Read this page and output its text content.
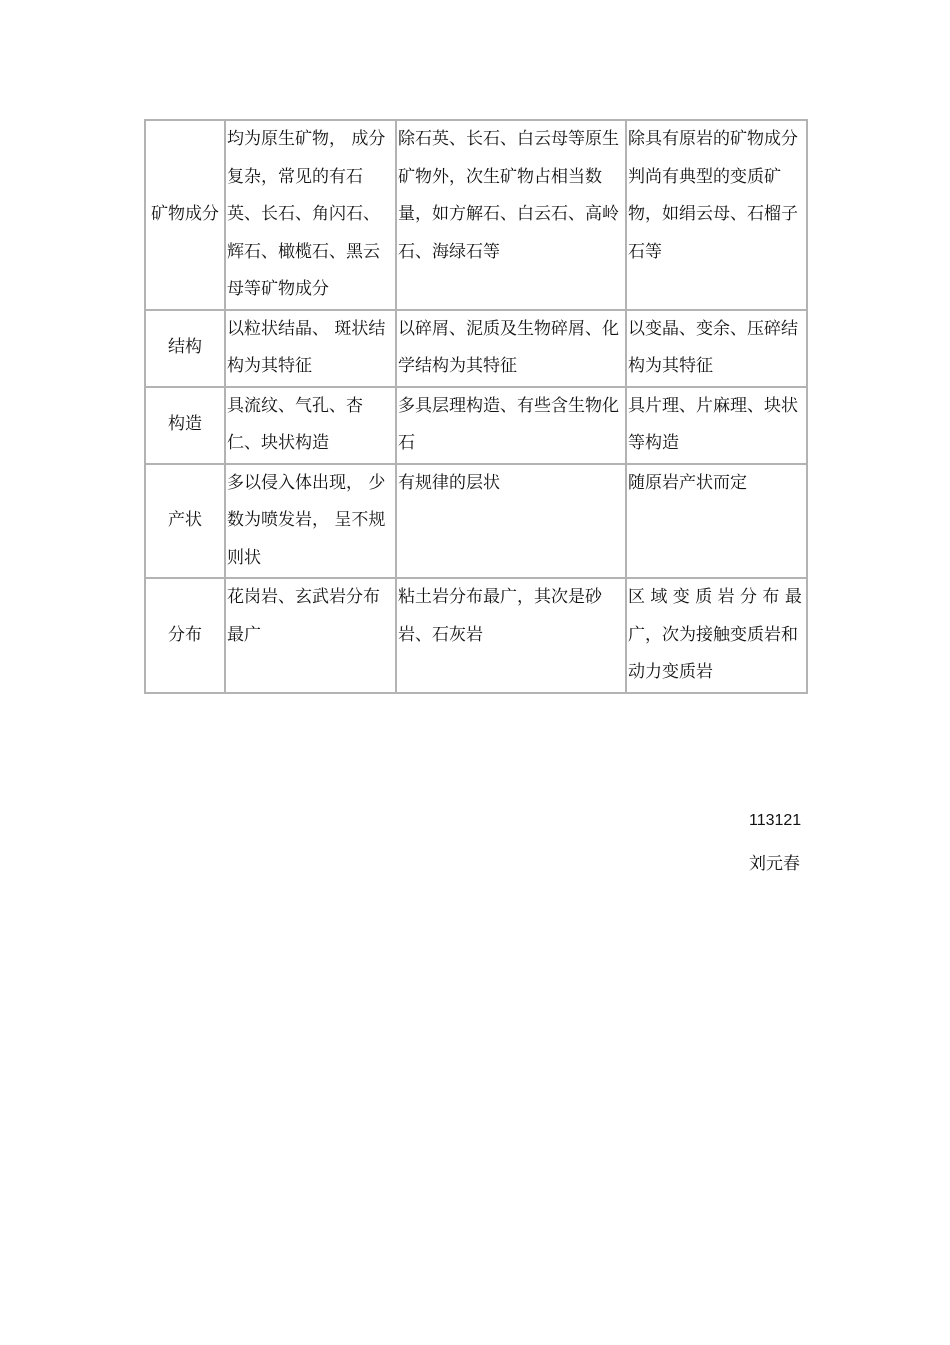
矿物成分	均为原生矿物， 成分复杂，常见的有石英、长石、角闪石、辉石、橄榄石、黑云母等矿物成分	除石英、长石、白云母等原生矿物外，次生矿物占相当数量，如方解石、白云石、高岭石、海绿石等	除具有原岩的矿物成分判尚有典型的变质矿物，如绢云母、石榴子石等

结构	以粒状结晶、 斑状结构为其特征	以碎屑、泥质及生物碎屑、化学结构为其特征	以变晶、变余、压碎结构为其特征

构造	具流纹、气孔、杏仁、块状构造	多具层理构造、有些含生物化石	具片理、片麻理、块状等构造

产状	多以侵入体出现， 少数为喷发岩， 呈不规则状	有规律的层状	随原岩产状而定

分布	花岗岩、玄武岩分布最广	粘土岩分布最广，其次是砂岩、石灰岩	区 域 变 质 岩 分 布 最广，次为接触变质岩和动力变质岩
113121
刘元春
